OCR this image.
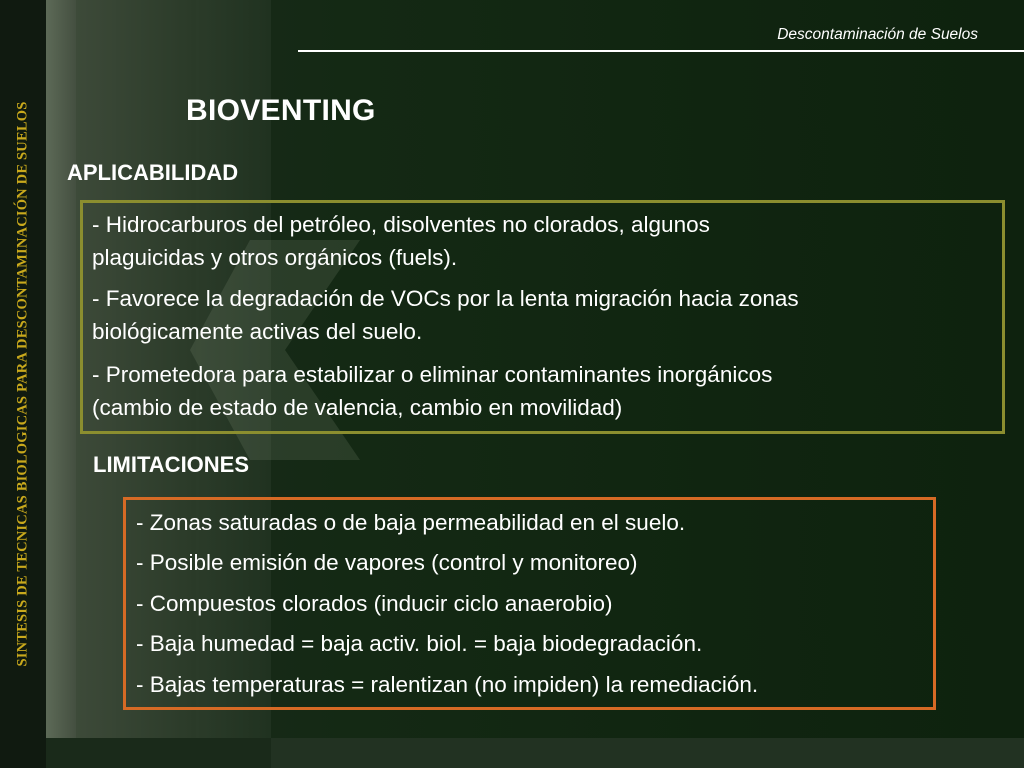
SINTESIS DE TECNICAS BIOLOGICAS PARA DESCONTAMINACIÓN DE SUELOS
Descontaminación de Suelos
BIOVENTING
APLICABILIDAD
- Hidrocarburos del petróleo, disolventes no clorados, algunos
plaguicidas y otros orgánicos (fuels).
- Favorece la degradación de VOCs por la lenta migración hacia zonas
biológicamente activas del suelo.
- Prometedora para estabilizar o eliminar contaminantes inorgánicos
(cambio de estado de valencia, cambio en movilidad)
LIMITACIONES
- Zonas saturadas o de baja permeabilidad en el suelo.
- Posible emisión de vapores (control y monitoreo)
- Compuestos clorados (inducir ciclo anaerobio)
- Baja humedad = baja activ. biol. = baja biodegradación.
- Bajas temperaturas = ralentizan (no impiden) la remediación.
